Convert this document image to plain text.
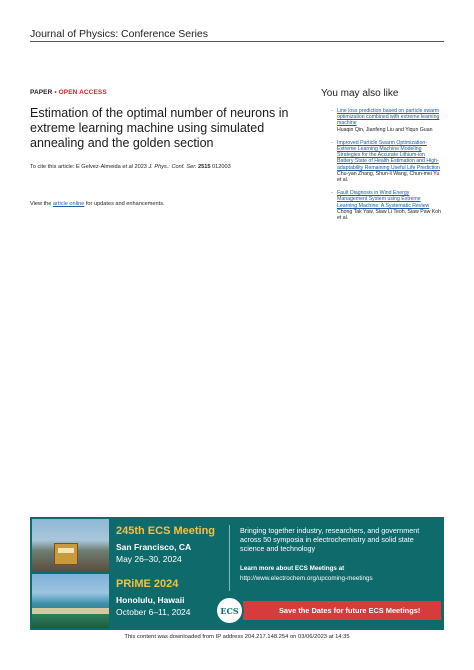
Journal of Physics: Conference Series
PAPER • OPEN ACCESS
Estimation of the optimal number of neurons in extreme learning machine using simulated annealing and the golden section
To cite this article: E Gelvez-Almeida et al 2023 J. Phys.: Conf. Ser. 2515 012003
View the article online for updates and enhancements.
You may also like
- Line loss prediction based on particle swarm optimization combined with extreme learning machine
Huaqin Qin, Jianfeng Liu and Yiqun Guan
- Improved Particle Swarm Optimization-Extreme Learning Machine Modeling Strategies for the Accurate Lithium-ion Battery State of Health Estimation and High-adaptability Remaining Useful Life Prediction
Chu-yan Zhang, Shun-li Wang, Chun-mei Yu et al.
- Fault Diagnosis in Wind Energy Management System using Extreme Learning Machine: A Systematic Review
Chong Tak Yaw, Siaw Li Teoh, Siaw Paw Koh et al.
245th ECS Meeting
San Francisco, CA
May 26–30, 2024
PRiME 2024
Honolulu, Hawaii
October 6–11, 2024
Bringing together industry, researchers, and government across 50 symposia in electrochemistry and solid state science and technology
Learn more about ECS Meetings at
http://www.electrochem.org/upcoming-meetings
Save the Dates for future ECS Meetings!
ECS
This content was downloaded from IP address 204.217.148.254 on 03/06/2023 at 14:35
